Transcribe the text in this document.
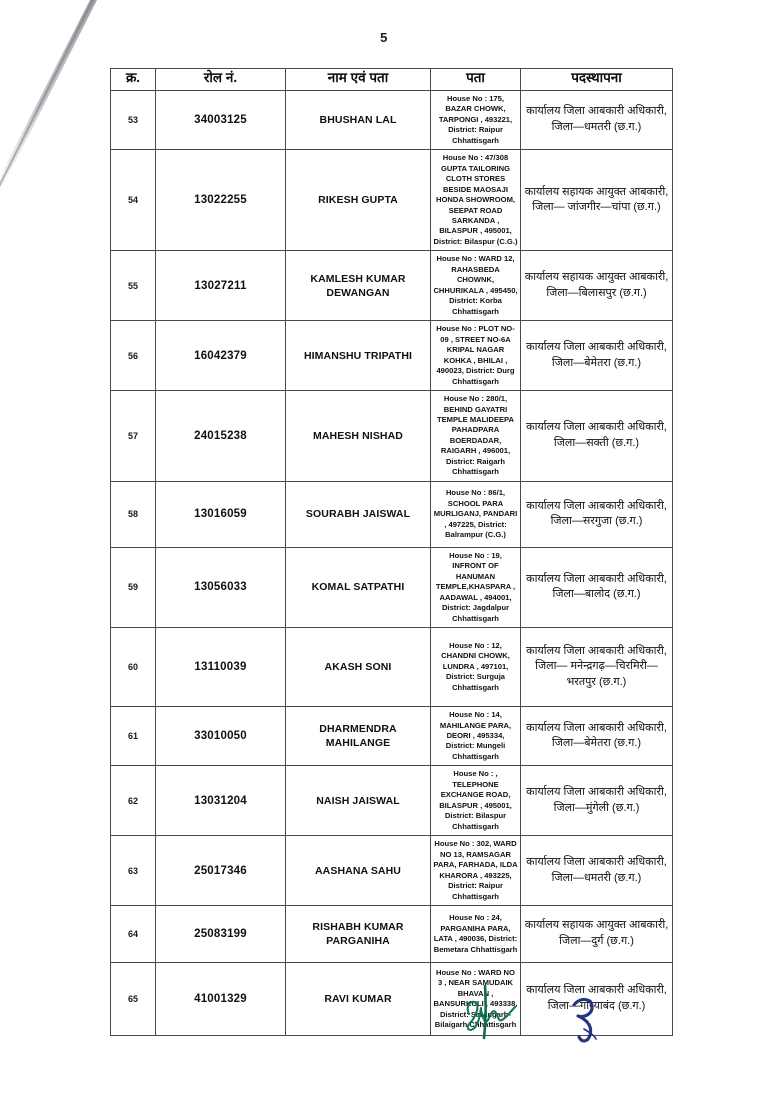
5
क्र.	रोल नं.	नाम एवं पता	पता	पदस्थापना
53	34003125	BHUSHAN LAL	House No : 175, BAZAR CHOWK, TARPONGI , 493221, District: Raipur Chhattisgarh	कार्यालय जिला आबकारी अधिकारी, जिला—धमतरी (छ.ग.)
54	13022255	RIKESH GUPTA	House No : 47/308 GUPTA TAILORING CLOTH STORES BESIDE MAOSAJI HONDA SHOWROOM, SEEPAT ROAD SARKANDA , BILASPUR , 495001, District: Bilaspur (C.G.)	कार्यालय सहायक आयुक्त आबकारी, जिला— जांजगीर—चांपा (छ.ग.)
55	13027211	KAMLESH KUMAR DEWANGAN	House No : WARD 12, RAHASBEDA CHOWNK, CHHURIKALA , 495450, District: Korba Chhattisgarh	कार्यालय सहायक आयुक्त आबकारी, जिला—बिलासपुर (छ.ग.)
56	16042379	HIMANSHU TRIPATHI	House No : PLOT NO-09 , STREET NO-6A KRIPAL NAGAR KOHKA , BHILAI , 490023, District: Durg Chhattisgarh	कार्यालय जिला आबकारी अधिकारी, जिला—बेमेतरा (छ.ग.)
57	24015238	MAHESH NISHAD	House No : 280/1, BEHIND GAYATRI TEMPLE MALIDEEPA PAHADPARA BOERDADAR, RAIGARH , 496001, District: Raigarh Chhattisgarh	कार्यालय जिला आबकारी अधिकारी, जिला—सक्ती (छ.ग.)
58	13016059	SOURABH JAISWAL	House No : 86/1, SCHOOL PARA MURLIGANJ, PANDARI , 497225, District: Balrampur (C.G.)	कार्यालय जिला आबकारी अधिकारी, जिला—सरगुजा (छ.ग.)
59	13056033	KOMAL SATPATHI	House No : 19, INFRONT OF HANUMAN TEMPLE,KHASPARA , AADAWAL , 494001, District: Jagdalpur Chhattisgarh	कार्यालय जिला आबकारी अधिकारी, जिला—बालोद (छ.ग.)
60	13110039	AKASH SONI	House No : 12, CHANDNI CHOWK, LUNDRA , 497101, District: Surguja Chhattisgarh	कार्यालय जिला आबकारी अधिकारी, जिला— मनेन्द्रगढ़—चिरमिरी— भरतपुर (छ.ग.)
61	33010050	DHARMENDRA MAHILANGE	House No : 14, MAHILANGE PARA, DEORI , 495334, District: Mungeli Chhattisgarh	कार्यालय जिला आबकारी अधिकारी, जिला—बेमेतरा (छ.ग.)
62	13031204	NAISH JAISWAL	House No : , TELEPHONE EXCHANGE ROAD, BILASPUR , 495001, District: Bilaspur Chhattisgarh	कार्यालय जिला आबकारी अधिकारी, जिला—मुंगेली (छ.ग.)
63	25017346	AASHANA SAHU	House No : 302, WARD NO 13, RAMSAGAR PARA, FARHADA, ILDA KHARORA , 493225, District: Raipur Chhattisgarh	कार्यालय जिला आबकारी अधिकारी, जिला—धमतरी (छ.ग.)
64	25083199	RISHABH KUMAR PARGANIHA	House No : 24, PARGANIHA PARA, LATA , 490036, District: Bemetara Chhattisgarh	कार्यालय सहायक आयुक्त आबकारी, जिला—दुर्ग (छ.ग.)
65	41001329	RAVI KUMAR	House No : WARD NO 3 , NEAR SAMUDAIK BHAVAN , BANSURKULI , 493338, District: Sarangarh-Bilaigarh Chhattisgarh	कार्यालय जिला आबकारी अधिकारी, जिला—गरियाबंद (छ.ग.)
